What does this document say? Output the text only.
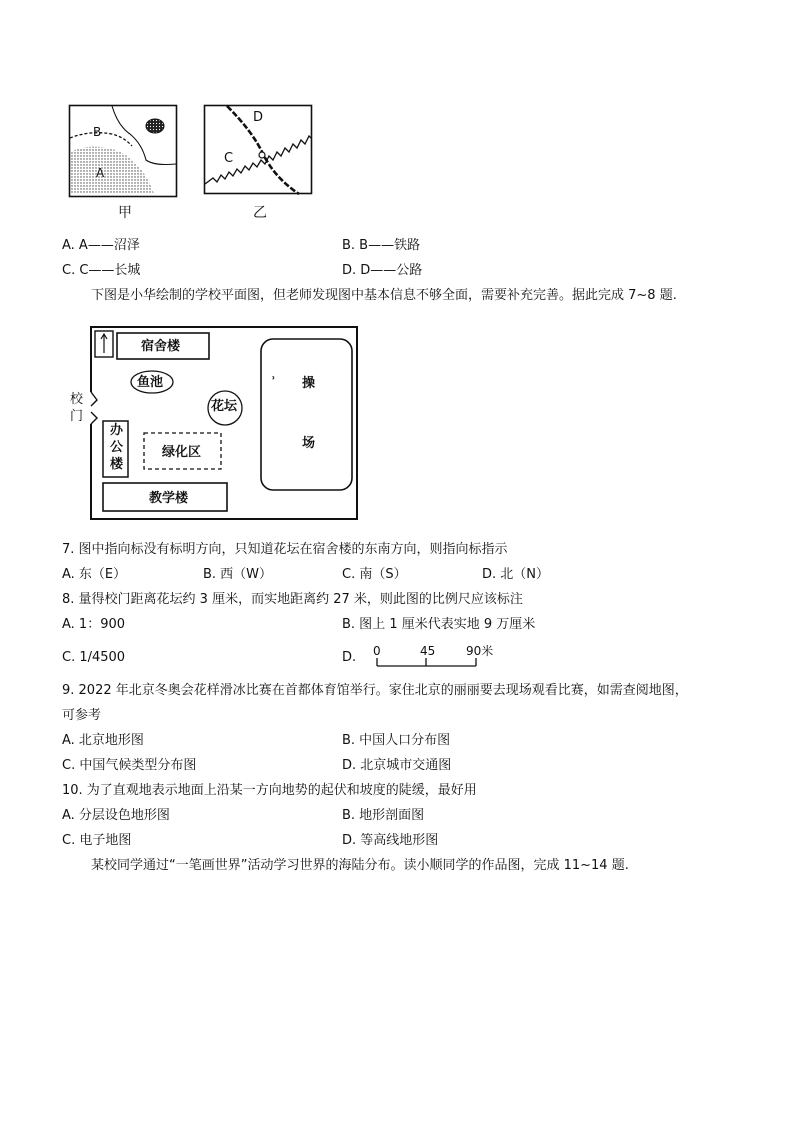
B
A
甲
D
C
乙
A. A——沼泽	B. B——铁路
C. C——长城	D. D——公路
下图是小华绘制的学校平面图，但老师发现图中基本信息不够全面，需要补充完善。据此完成 7~8 题.
宿舍楼
鱼池
花坛
校
门
办
公
楼
绿化区
教学楼
操
场
˒
7. 图中指向标没有标明方向，只知道花坛在宿舍楼的东南方向，则指向标指示
A. 东（E）	B. 西（W）	C. 南（S）	D. 北（N）
8. 量得校门距离花坛约 3 厘米，而实地距离约 27 米，则此图的比例尺应该标注
A. 1：900	B. 图上 1 厘米代表实地 9 万厘米
C. 1/4500	D. 0	45	90米
9. 2022 年北京冬奥会花样滑冰比赛在首都体育馆举行。家住北京的丽丽要去现场观看比赛，如需查阅地图，
可参考
A. 北京地形图	B. 中国人口分布图
C. 中国气候类型分布图	D. 北京城市交通图
10. 为了直观地表示地面上沿某一方向地势的起伏和坡度的陡缓，最好用
A. 分层设色地形图	B. 地形剖面图
C. 电子地图	D. 等高线地形图
某校同学通过“一笔画世界”活动学习世界的海陆分布。读小顺同学的作品图，完成 11~14 题.
